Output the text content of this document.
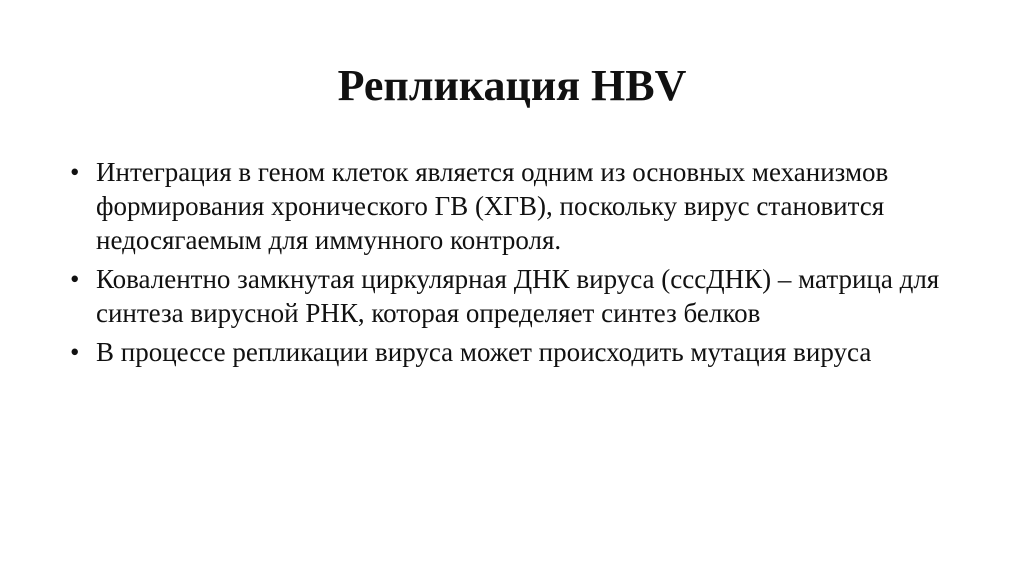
Репликация HBV
• Интеграция в геном клеток является одним из основных механизмов формирования хронического ГВ (ХГВ), поскольку вирус становится недосягаемым для иммунного контроля.
• Ковалентно замкнутая циркулярная ДНК вируса (cccДНК) – матрица для синтеза вирусной РНК, которая определяет синтез белков
• В процессе репликации вируса может происходить мутация вируса
